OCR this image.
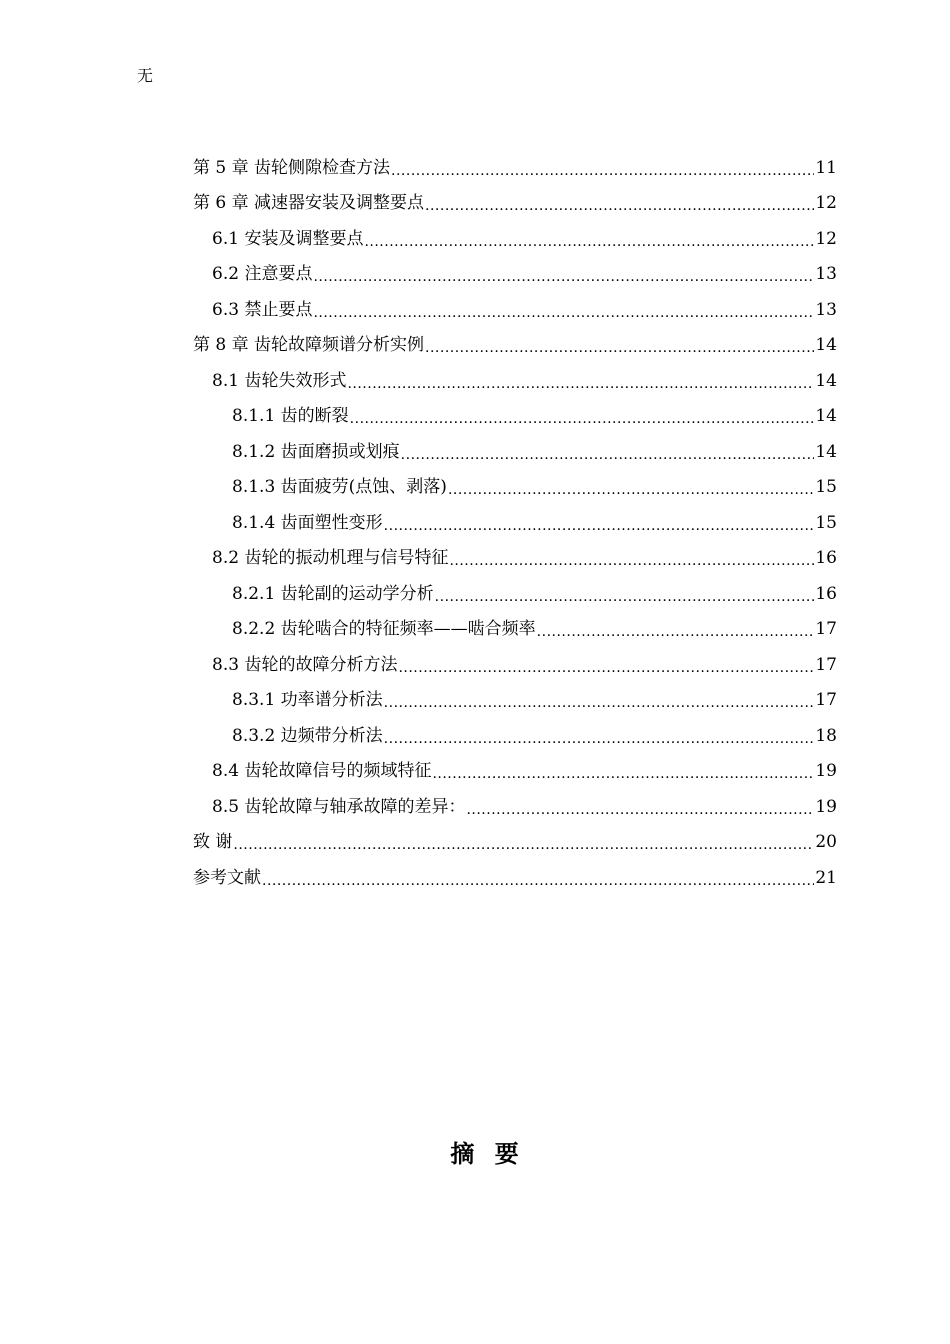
无
第 5 章 齿轮侧隙检查方法 .....	11
第 6 章 减速器安装及调整要点 .....	12
6.1 安装及调整要点 .....	12
6.2 注意要点 .....	13
6.3 禁止要点 .....	13
第 8 章 齿轮故障频谱分析实例 .....	14
8.1 齿轮失效形式 .....	14
8.1.1 齿的断裂 .....	14
8.1.2 齿面磨损或划痕 .....	14
8.1.3 齿面疲劳(点蚀、剥落) .....	15
8.1.4 齿面塑性变形 .....	15
8.2 齿轮的振动机理与信号特征 .....	16
8.2.1 齿轮副的运动学分析 .....	16
8.2.2 齿轮啮合的特征频率——啮合频率 .....	17
8.3 齿轮的故障分析方法 .....	17
8.3.1 功率谱分析法 .....	17
8.3.2 边频带分析法 .....	18
8.4 齿轮故障信号的频域特征 .....	19
8.5 齿轮故障与轴承故障的差异： .....	19
致 谢 .....	20
参考文献 .....	21
摘 要
